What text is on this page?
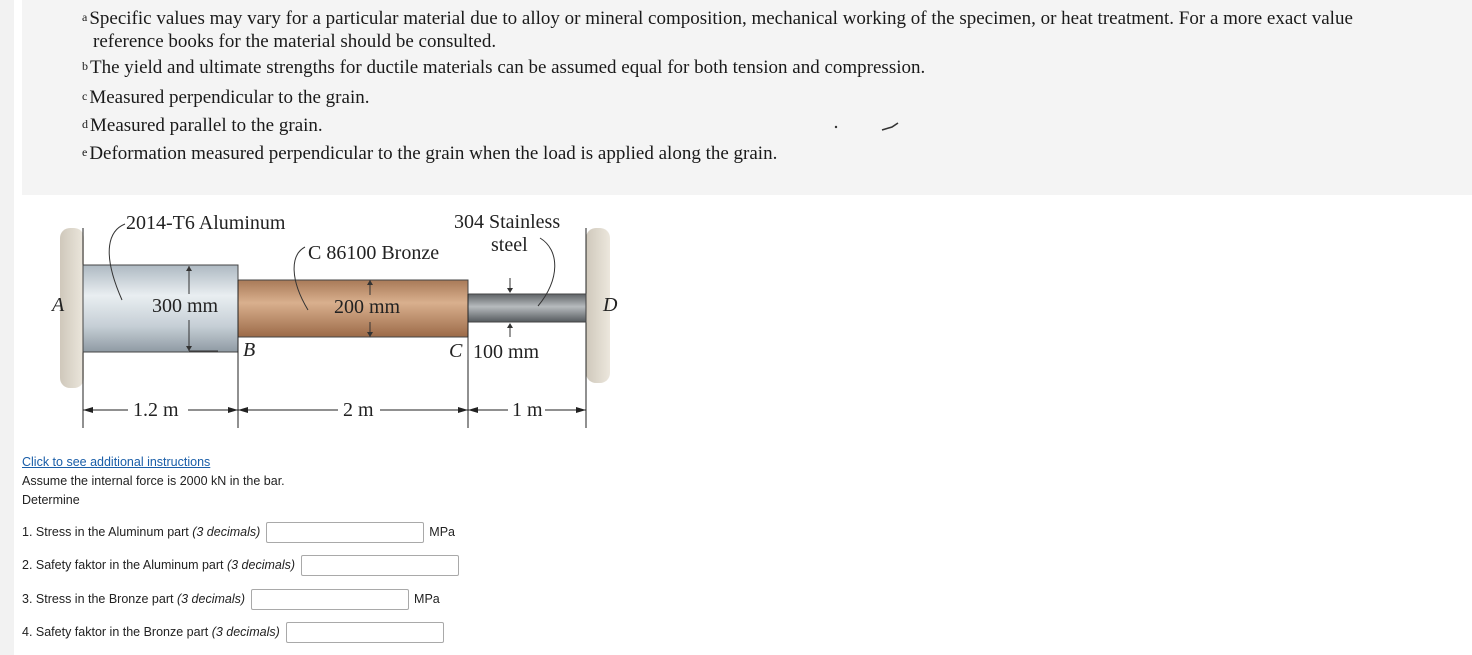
$^a$ Specific values may vary for a particular material due to alloy or mineral composition, mechanical working of the specimen, or heat treatment. For a more exact value
reference books for the material should be consulted.
$^b$ The yield and ultimate strengths for ductile materials can be assumed equal for both tension and compression.
$^c$ Measured perpendicular to the grain.
$^d$ Measured parallel to the grain.
$^e$ Deformation measured perpendicular to the grain when the load is applied along the grain.
2014-T6 Aluminum
C 86100 Bronze
304 Stainless
steel
A
B	C
D
300 mm	200 mm
100 mm
1.2 m	2 m	1 m
Click to see additional instructions
Assume the internal force is 2000 kN in the bar.
Determine
1. Stress in the Aluminum part (3 decimals)	MPa
2. Safety faktor in the Aluminum part (3 decimals)
3. Stress in the Bronze part (3 decimals)	MPa
4. Safety faktor in the Bronze part (3 decimals)
